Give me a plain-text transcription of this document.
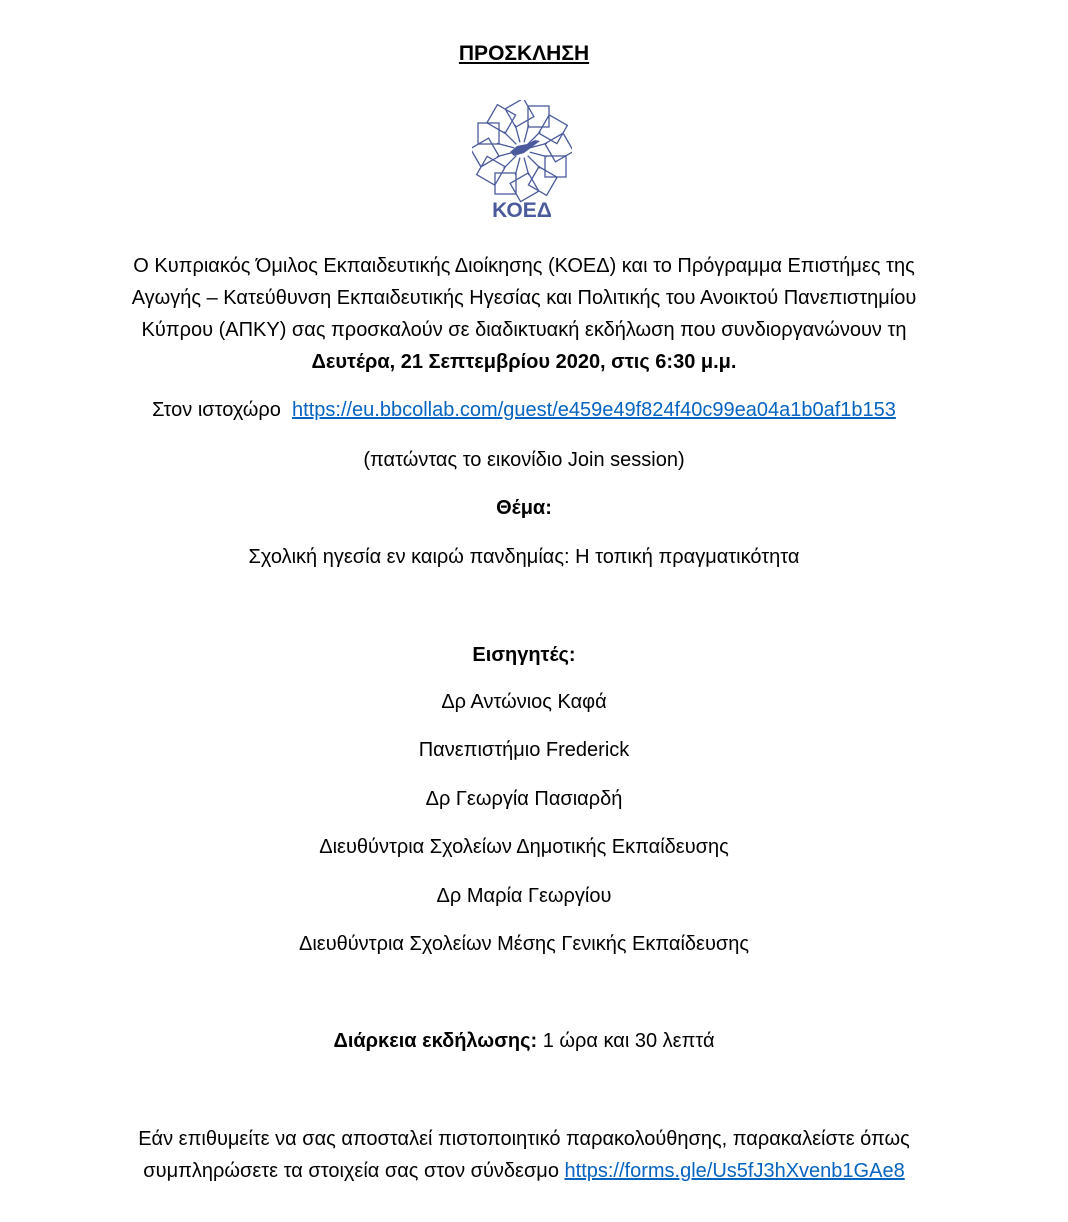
ΠΡΟΣΚΛΗΣΗ
ΚΟΕΔ
Ο Κυπριακός Όμιλος Εκπαιδευτικής Διοίκησης (ΚΟΕΔ) και το Πρόγραμμα Επιστήμες της
Αγωγής – Κατεύθυνση Εκπαιδευτικής Ηγεσίας και Πολιτικής του Ανοικτού Πανεπιστημίου
Κύπρου (ΑΠΚΥ) σας προσκαλούν σε διαδικτυακή εκδήλωση που συνδιοργανώνουν τη
Δευτέρα, 21 Σεπτεμβρίου 2020, στις 6:30 μ.μ.
Στον ιστοχώρο https://eu.bbcollab.com/guest/e459e49f824f40c99ea04a1b0af1b153
(πατώντας το εικονίδιο Join session)
Θέμα:
Σχολική ηγεσία εν καιρώ πανδημίας: Η τοπική πραγματικότητα
Εισηγητές:
Δρ Αντώνιος Καφά
Πανεπιστήμιο Frederick
Δρ Γεωργία Πασιαρδή
Διευθύντρια Σχολείων Δημοτικής Εκπαίδευσης
Δρ Μαρία Γεωργίου
Διευθύντρια Σχολείων Μέσης Γενικής Εκπαίδευσης
Διάρκεια εκδήλωσης: 1 ώρα και 30 λεπτά
Εάν επιθυμείτε να σας αποσταλεί πιστοποιητικό παρακολούθησης, παρακαλείστε όπως
συμπληρώσετε τα στοιχεία σας στον σύνδεσμο https://forms.gle/Us5fJ3hXvenb1GAe8
